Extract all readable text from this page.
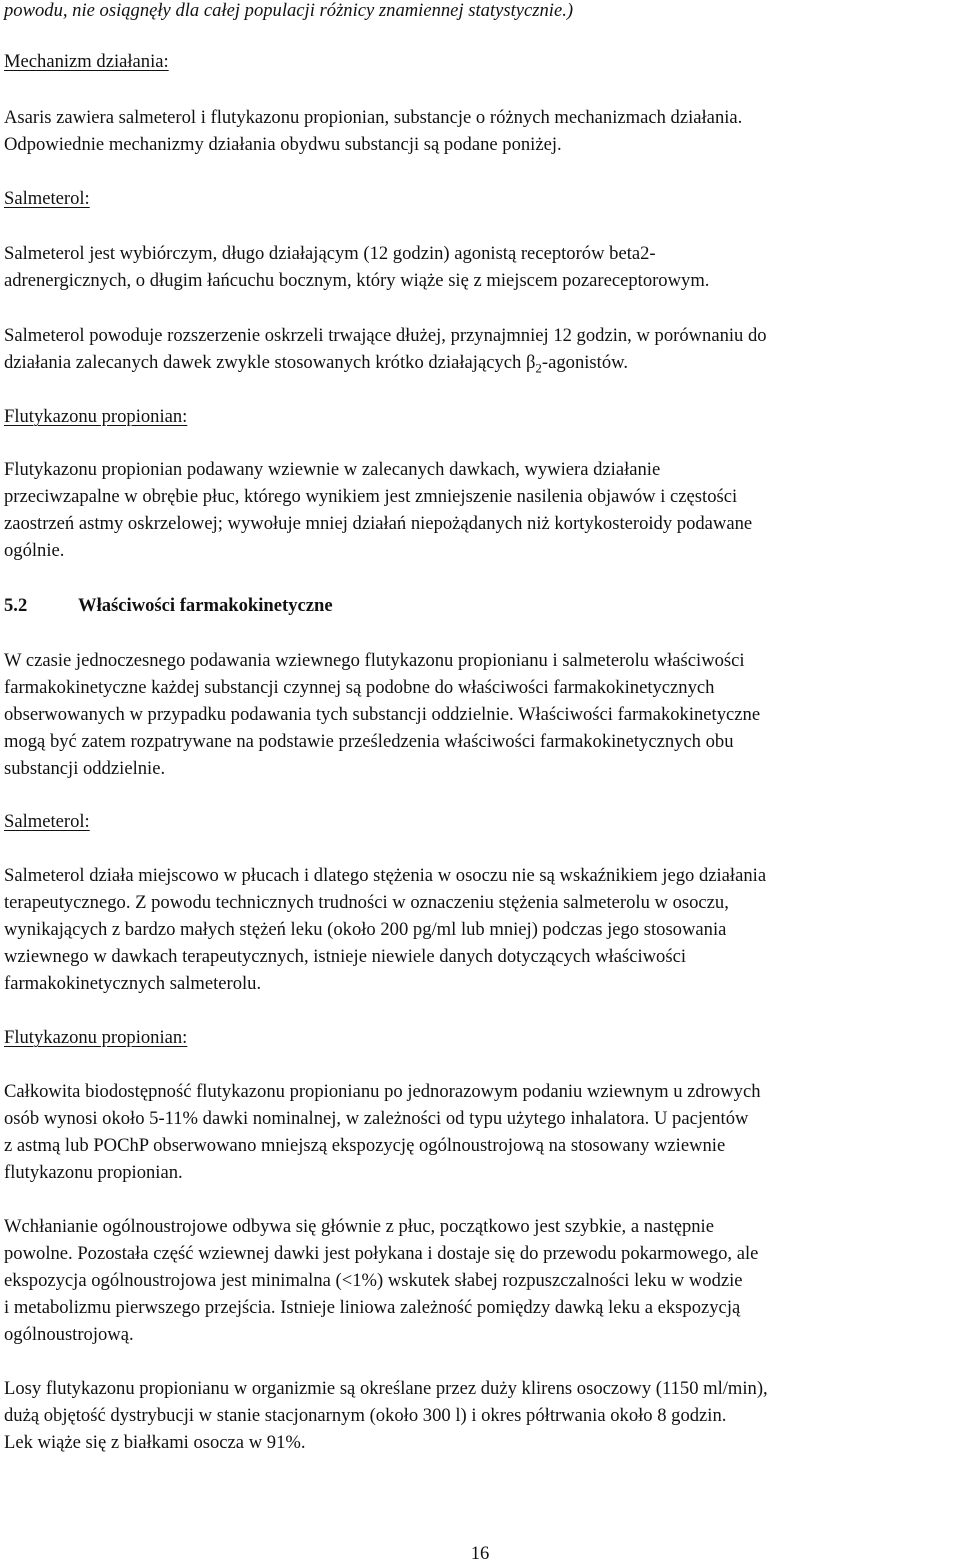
powodu, nie osiągnęły dla całej populacji różnicy znamiennej statystycznie.)
Mechanizm działania:
Asaris zawiera salmeterol i flutykazonu propionian, substancje o różnych mechanizmach działania.
Odpowiednie mechanizmy działania obydwu substancji są podane poniżej.
Salmeterol:
Salmeterol jest wybiórczym, długo działającym (12 godzin) agonistą receptorów beta2-
adrenergicznych, o długim łańcuchu bocznym, który wiąże się z miejscem pozareceptorowym.
Salmeterol powoduje rozszerzenie oskrzeli trwające dłużej, przynajmniej 12 godzin, w porównaniu do
działania zalecanych dawek zwykle stosowanych krótko działających $\beta_2$-agonistów.
Flutykazonu propionian:
Flutykazonu propionian podawany wziewnie w zalecanych dawkach, wywiera działanie
przeciwzapalne w obrębie płuc, którego wynikiem jest zmniejszenie nasilenia objawów i częstości
zaostrzeń astmy oskrzelowej; wywołuje mniej działań niepożądanych niż kortykosteroidy podawane
ogólnie.
5.2	Właściwości farmakokinetyczne
W czasie jednoczesnego podawania wziewnego flutykazonu propionianu i salmeterolu właściwości
farmakokinetyczne każdej substancji czynnej są podobne do właściwości farmakokinetycznych
obserwowanych w przypadku podawania tych substancji oddzielnie. Właściwości farmakokinetyczne
mogą być zatem rozpatrywane na podstawie prześledzenia właściwości farmakokinetycznych obu
substancji oddzielnie.
Salmeterol:
Salmeterol działa miejscowo w płucach i dlatego stężenia w osoczu nie są wskaźnikiem jego działania
terapeutycznego. Z powodu technicznych trudności w oznaczeniu stężenia salmeterolu w osoczu,
wynikających z bardzo małych stężeń leku (około 200 pg/ml lub mniej) podczas jego stosowania
wziewnego w dawkach terapeutycznych, istnieje niewiele danych dotyczących właściwości
farmakokinetycznych salmeterolu.
Flutykazonu propionian:
Całkowita biodostępność flutykazonu propionianu po jednorazowym podaniu wziewnym u zdrowych
osób wynosi około 5-11% dawki nominalnej, w zależności od typu użytego inhalatora. U pacjentów
z astmą lub POChP obserwowano mniejszą ekspozycję ogólnoustrojową na stosowany wziewnie
flutykazonu propionian.
Wchłanianie ogólnoustrojowe odbywa się głównie z płuc, początkowo jest szybkie, a następnie
powolne. Pozostała część wziewnej dawki jest połykana i dostaje się do przewodu pokarmowego, ale
ekspozycja ogólnoustrojowa jest minimalna (<1%) wskutek słabej rozpuszczalności leku w wodzie
i metabolizmu pierwszego przejścia. Istnieje liniowa zależność pomiędzy dawką leku a ekspozycją
ogólnoustrojową.
Losy flutykazonu propionianu w organizmie są określane przez duży klirens osoczowy (1150 ml/min),
dużą objętość dystrybucji w stanie stacjonarnym (około 300 l) i okres półtrwania około 8 godzin.
Lek wiąże się z białkami osocza w 91%.
16
